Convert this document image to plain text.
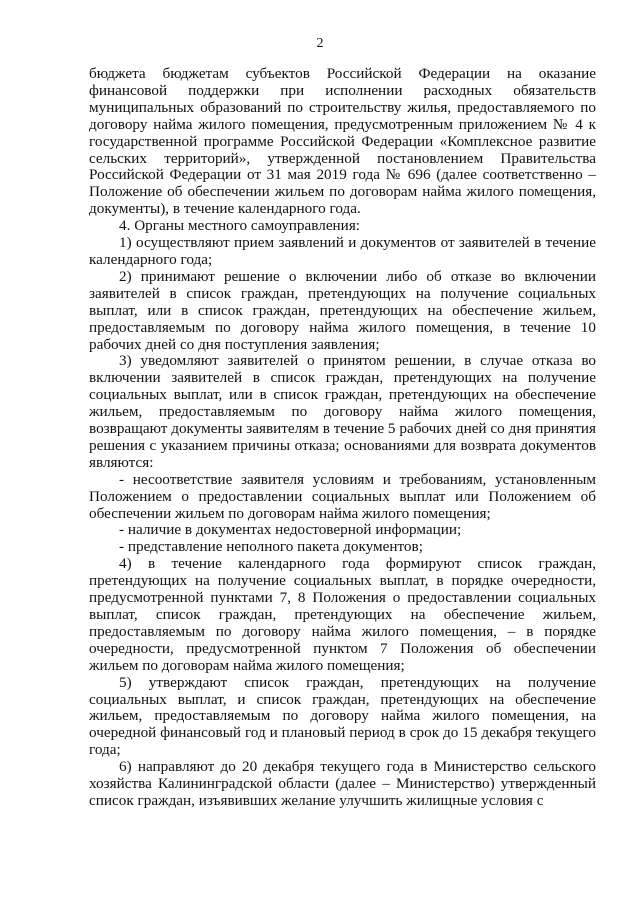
2

бюджета бюджетам субъектов Российской Федерации на оказание финансовой поддержки при исполнении расходных обязательств муниципальных образований по строительству жилья, предоставляемого по договору найма жилого помещения, предусмотренным приложением № 4 к государственной программе Российской Федерации «Комплексное развитие сельских территорий», утвержденной постановлением Правительства Российской Федерации от 31 мая 2019 года № 696 (далее соответственно – Положение об обеспечении жильем по договорам найма жилого помещения, документы), в течение календарного года.

4. Органы местного самоуправления:

1) осуществляют прием заявлений и документов от заявителей в течение календарного года;

2) принимают решение о включении либо об отказе во включении заявителей в список граждан, претендующих на получение социальных выплат, или в список граждан, претендующих на обеспечение жильем, предоставляемым по договору найма жилого помещения, в течение 10 рабочих дней со дня поступления заявления;

3) уведомляют заявителей о принятом решении, в случае отказа во включении заявителей в список граждан, претендующих на получение социальных выплат, или в список граждан, претендующих на обеспечение жильем, предоставляемым по договору найма жилого помещения, возвращают документы заявителям в течение 5 рабочих дней со дня принятия решения с указанием причины отказа; основаниями для возврата документов являются:

- несоответствие заявителя условиям и требованиям, установленным Положением о предоставлении социальных выплат или Положением об обеспечении жильем по договорам найма жилого помещения;

- наличие в документах недостоверной информации;

- представление неполного пакета документов;

4) в течение календарного года формируют список граждан, претендующих на получение социальных выплат, в порядке очередности, предусмотренной пунктами 7, 8 Положения о предоставлении социальных выплат, список граждан, претендующих на обеспечение жильем, предоставляемым по договору найма жилого помещения, – в порядке очередности, предусмотренной пунктом 7 Положения об обеспечении жильем по договорам найма жилого помещения;

5) утверждают список граждан, претендующих на получение социальных выплат, и список граждан, претендующих на обеспечение жильем, предоставляемым по договору найма жилого помещения, на очередной финансовый год и плановый период в срок до 15 декабря текущего года;

6) направляют до 20 декабря текущего года в Министерство сельского хозяйства Калининградской области (далее – Министерство) утвержденный список граждан, изъявивших желание улучшить жилищные условия с
